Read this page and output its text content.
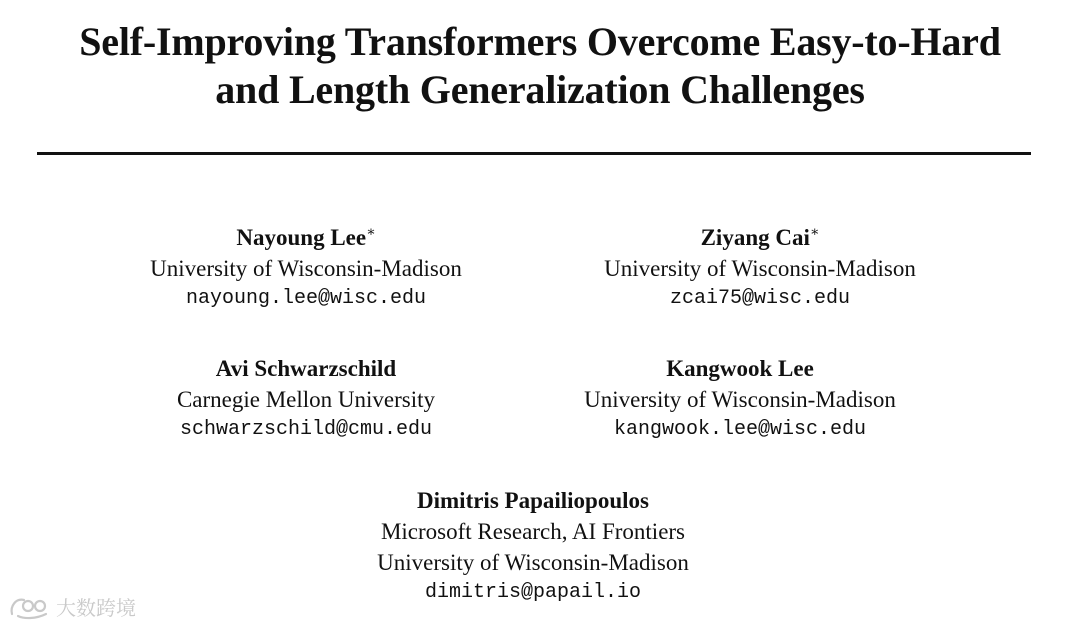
Self-Improving Transformers Overcome Easy-to-Hard
and Length Generalization Challenges
Nayoung Lee∗
University of Wisconsin-Madison
nayoung.lee@wisc.edu
Ziyang Cai∗
University of Wisconsin-Madison
zcai75@wisc.edu
Avi Schwarzschild
Carnegie Mellon University
schwarzschild@cmu.edu
Kangwook Lee
University of Wisconsin-Madison
kangwook.lee@wisc.edu
Dimitris Papailiopoulos
Microsoft Research, AI Frontiers
University of Wisconsin-Madison
dimitris@papail.io
大数跨境
